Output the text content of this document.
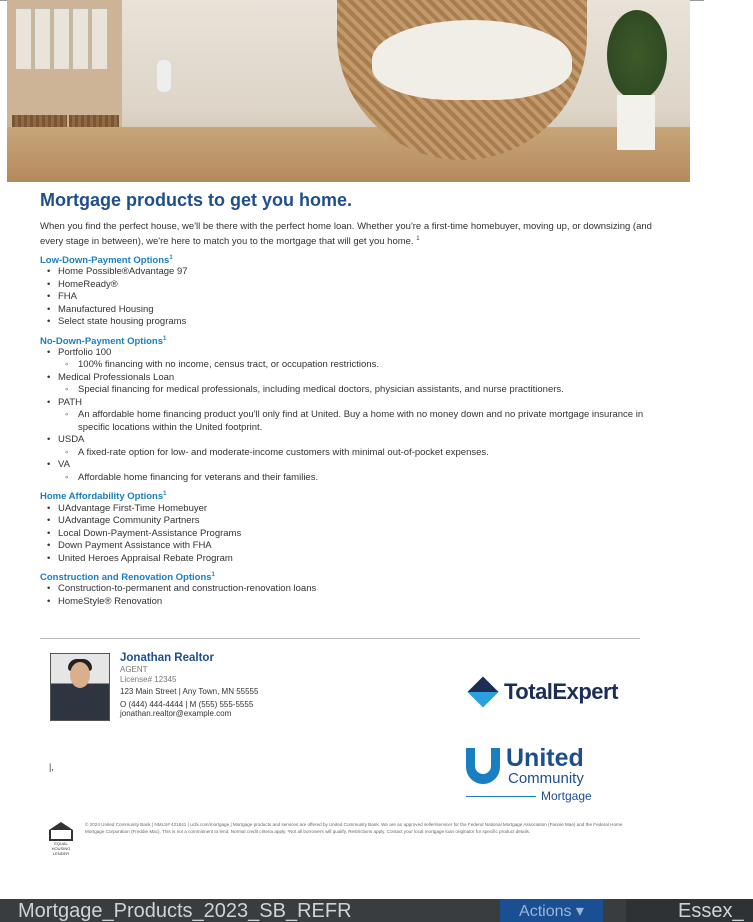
Mortgage products to get you home.

When you find the perfect house, we'll be there with the perfect home loan. Whether you're a first-time homebuyer, moving up, or downsizing (and every stage in between), we're here to match you to the mortgage that will get you home. $^1$

Low-Down-Payment Options$^1$
• Home Possible®Advantage 97
• HomeReady®
• FHA
• Manufactured Housing
• Select state housing programs
No-Down-Payment Options$^1$
• Portfolio 100
◦ 100% financing with no income, census tract, or occupation restrictions.
• Medical Professionals Loan
◦ Special financing for medical professionals, including medical doctors, physician assistants, and nurse practitioners.
• PATH
◦ An affordable home financing product you'll only find at United. Buy a home with no money down and no private mortgage insurance in specific locations within the United footprint.
• USDA
◦ A fixed-rate option for low- and moderate-income customers with minimal out-of-pocket expenses.
• VA
◦ Affordable home financing for veterans and their families.
Home Affordability Options$^1$
• UAdvantage First-Time Homebuyer
• UAdvantage Community Partners
• Local Down-Payment-Assistance Programs
• Down Payment Assistance with FHA
• United Heroes Appraisal Rebate Program
Construction and Renovation Options$^1$
• Construction-to-permanent and construction-renovation loans
• HomeStyle® Renovation
Jonathan Realtor
AGENT
License# 12345
123 Main Street | Any Town, MN 55555
O (444) 444-4444 | M (555) 555-5555
jonathan.realtor@example.com
TotalExpert
United
Community
Mortgage
|,
EQUAL HOUSING LENDER
© 2024 United Community Bank | NMLS# 421841 | ucbi.com/mortgage | Mortgage products and services are offered by United Community Bank. We are an approved seller/servicer for the Federal National Mortgage Association (Fannie Mae) and the Federal Home Mortgage Corporation (Freddie Mac). This is not a commitment to lend. Normal credit criteria apply. ¹Not all borrowers will qualify. Restrictions apply. Contact your local mortgage loan originator for specific product details.
Mortgage_Products_2023_SB_REFR	Actions ▾	Essex_
